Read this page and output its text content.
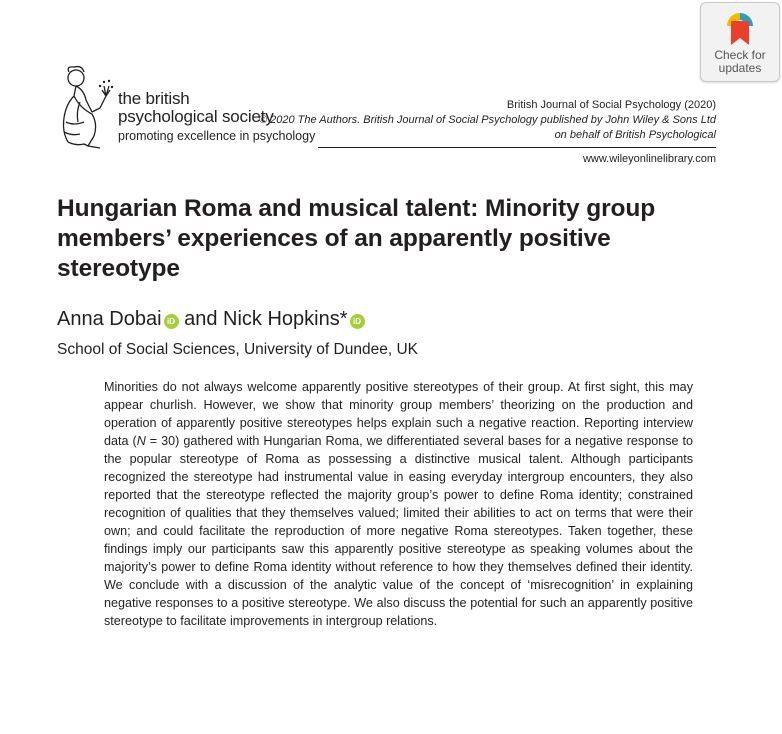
Check for
updates
the british
psychological society
promoting excellence in psychology
British Journal of Social Psychology (2020)
© 2020 The Authors. British Journal of Social Psychology published by John Wiley & Sons Ltd
on behalf of British Psychological
www.wileyonlinelibrary.com
Hungarian Roma and musical talent: Minority group members’ experiences of an apparently positive stereotype
Anna Dobai iD and Nick Hopkins* iD
School of Social Sciences, University of Dundee, UK

Minorities do not always welcome apparently positive stereotypes of their group. At first sight, this may appear churlish. However, we show that minority group members’ theorizing on the production and operation of apparently positive stereotypes helps explain such a negative reaction. Reporting interview data (N = 30) gathered with Hungarian Roma, we differentiated several bases for a negative response to the popular stereotype of Roma as possessing a distinctive musical talent. Although participants recognized the stereotype had instrumental value in easing everyday intergroup encounters, they also reported that the stereotype reflected the majority group’s power to define Roma identity; constrained recognition of qualities that they themselves valued; limited their abilities to act on terms that were their own; and could facilitate the reproduction of more negative Roma stereotypes. Taken together, these findings imply our participants saw this apparently positive stereotype as speaking volumes about the majority’s power to define Roma identity without reference to how they themselves defined their identity. We conclude with a discussion of the analytic value of the concept of ‘misrecognition’ in explaining negative responses to a positive stereotype. We also discuss the potential for such an apparently positive stereotype to facilitate improvements in intergroup relations.
